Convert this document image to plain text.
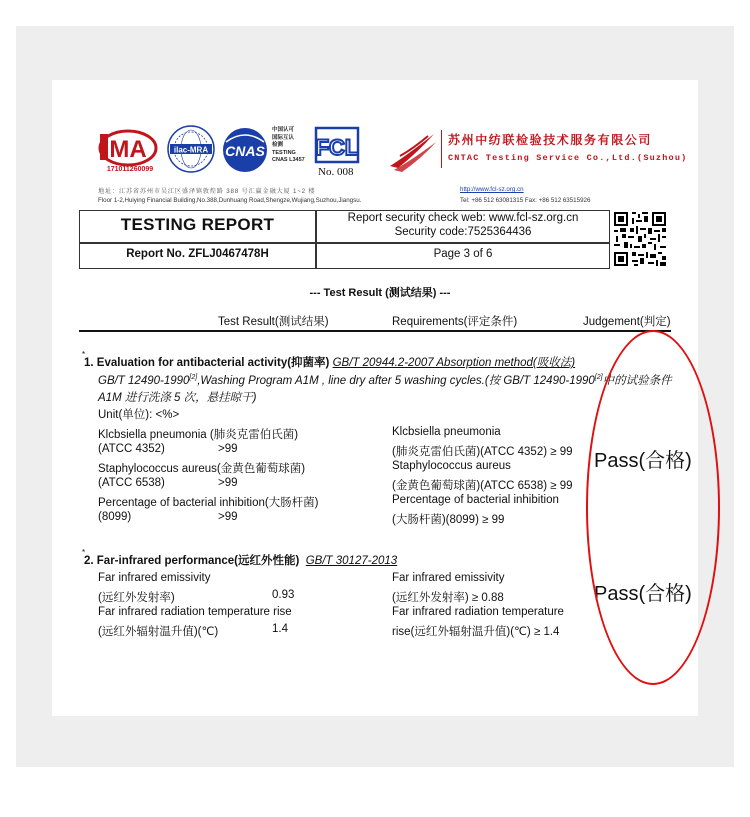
MA
171011260099
ilac-MRA CNAS
中国认可
国际互认
检测
TESTING
CNAS L3457 FCL
No. 008
苏州中纺联检验技术服务有限公司
CNTAC Testing Service Co.,Ltd.(Suzhou)
地址：江苏省苏州市吴江区盛泽镇敦煌路 388 号汇赢金融大厦 1~2 楼
Floor 1-2,Huiying Financial Building,No.388,Dunhuang Road,Shengze,Wujiang,Suzhou,Jiangsu.
http://www.fcl-sz.org.cn
Tel: +86 512 63081315 Fax: +86 512 63515926
TESTING REPORT	Report security check web: www.fcl-sz.org.cn
Security code:7525364436
Report No. ZFLJ0467478H	Page 3 of 6
--- Test Result (测试结果) ---
Test Result(测试结果)	Requirements(评定条件)	Judgement(判定)
*
1. Evaluation for antibacterial activity(抑菌率) GB/T 20944.2-2007 Absorption method(吸收法)
GB/T 12490-1990[2],Washing Program A1M , line dry after 5 washing cycles.(按 GB/T 12490-1990[2]中的试验条件
A1M 进行洗涤 5 次，悬挂晾干)
Unit(单位): <%>
Klcbsiella pneumonia (肺炎克雷伯氏菌)	Klcbsiella pneumonia
(ATCC 4352)	>99	(肺炎克雷伯氏菌)(ATCC 4352) ≥ 99
Staphylococcus aureus(金黄色葡萄球菌)	Staphylococcus aureus
(ATCC 6538)	>99	(金黄色葡萄球菌)(ATCC 6538) ≥ 99
Percentage of bacterial inhibition(大肠杆菌)	Percentage of bacterial inhibition
(8099)	>99	(大肠杆菌)(8099) ≥ 99
Pass(合格)
*
2. Far-infrared performance(远红外性能) GB/T 30127-2013
Far infrared emissivity	Far infrared emissivity
(远红外发射率)	0.93	(远红外发射率) ≥ 0.88
Far infrared radiation temperature rise	Far infrared radiation temperature
(远红外辐射温升值)(℃)	1.4	rise(远红外辐射温升值)(℃) ≥ 1.4
Pass(合格)
